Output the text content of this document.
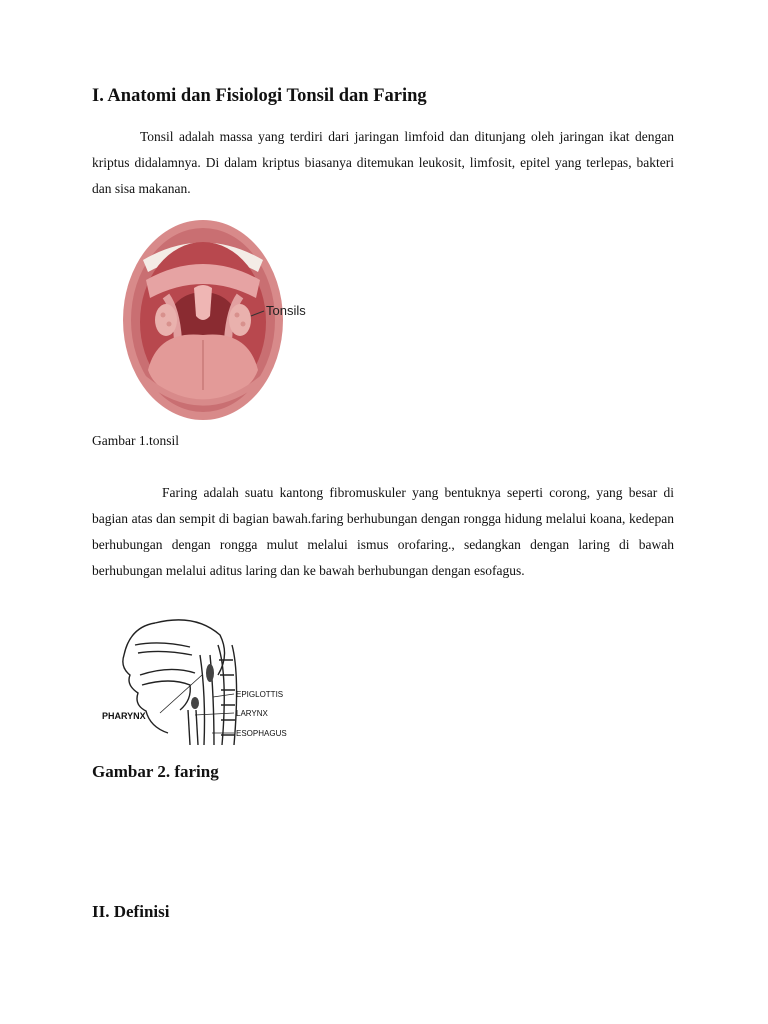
I. Anatomi dan Fisiologi Tonsil dan Faring

Tonsil adalah massa yang terdiri dari jaringan limfoid dan ditunjang oleh jaringan ikat dengan kriptus didalamnya. Di dalam kriptus biasanya ditemukan leukosit, limfosit, epitel yang terlepas, bakteri dan sisa makanan.

Tonsils

Gambar 1.tonsil

Faring adalah suatu kantong fibromuskuler yang bentuknya seperti corong, yang besar di bagian atas dan sempit di bagian bawah.faring berhubungan dengan rongga hidung melalui koana, kedepan berhubungan dengan rongga mulut melalui ismus orofaring., sedangkan dengan laring di bawah berhubungan melalui aditus laring dan ke bawah berhubungan dengan esofagus.

PHARYNX
EPIGLOTTIS
LARYNX
ESOPHAGUS

Gambar 2. faring

II. Definisi
